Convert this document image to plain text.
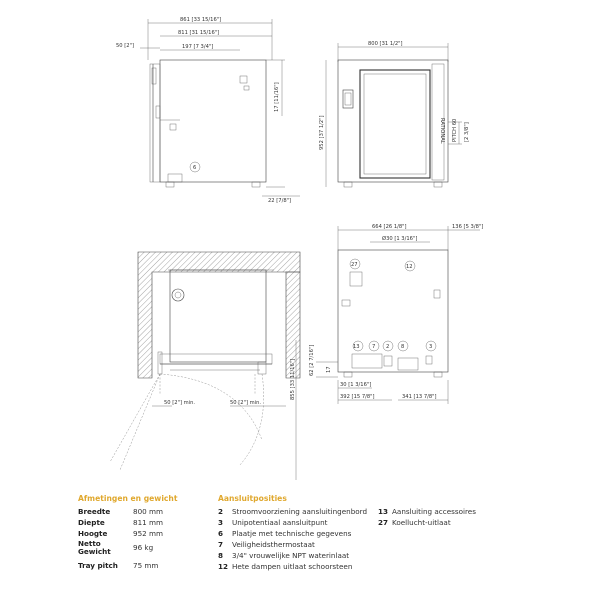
861 [33 15/16"]
811 [31 15/16"]
50 [2"]	197 [7 3/4"]
6
17 [11/16"]
22 [7/8"]
800 [31 1/2"]
RATIONAL
952 [37 1/2"]	PITCH 60 [2 3/8"]
50 [2"] min.	50 [2"] min.
855 [33 11/16"]
664 [26 1/8"]	136 [5 3/8"]
Ø30 [1 3/16"]
27	12
13 7 2 8	3
62 [2 7/16"] 17
30 [1 3/16"]
392 [15 7/8"]	341 [13 7/8"]
Afmetingen en gewicht	Aansluitposities
Breedte	800 mm
Diepte	811 mm
Hoogte	952 mm
Netto Gewicht	96 kg
Tray pitch	75 mm
2	Stroomvoorziening aansluitingenbord
3	Unipotentiaal aansluitpunt
6	Plaatje met technische gegevens
7	Veiligheidsthermostaat
8	3/4" vrouwelijke NPT waterinlaat
12 Hete dampen uitlaat schoorsteen
13 Aansluiting accessoires
27 Koellucht-uitlaat
